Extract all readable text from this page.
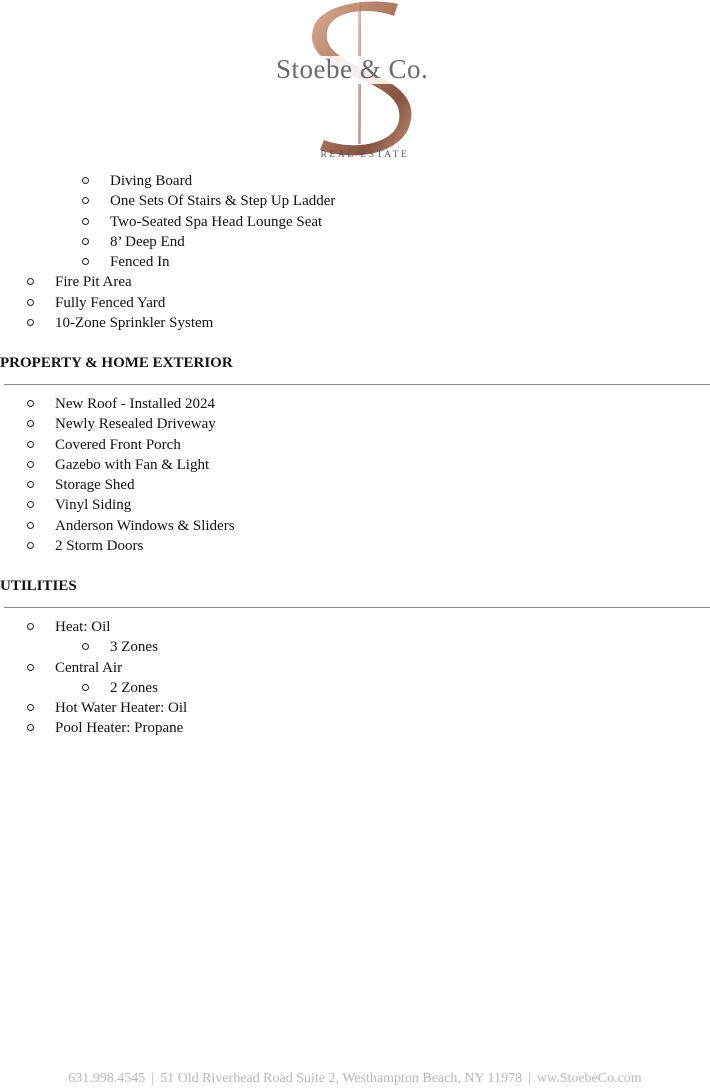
Stoebe & Co.
REAL ESTATE
Diving Board
One Sets Of Stairs & Step Up Ladder
Two-Seated Spa Head Lounge Seat
8’ Deep End
Fenced In
Fire Pit Area
Fully Fenced Yard
10-Zone Sprinkler System
PROPERTY & HOME EXTERIOR
New Roof - Installed 2024
Newly Resealed Driveway
Covered Front Porch
Gazebo with Fan & Light
Storage Shed
Vinyl Siding
Anderson Windows & Sliders
2 Storm Doors
UTILITIES
Heat: Oil
3 Zones
Central Air
2 Zones
Hot Water Heater: Oil
Pool Heater: Propane
631.998.4545 | 51 Old Riverhead Road Suite 2, Westhampton Beach, NY 11978 | ww.StoebeCo.com
